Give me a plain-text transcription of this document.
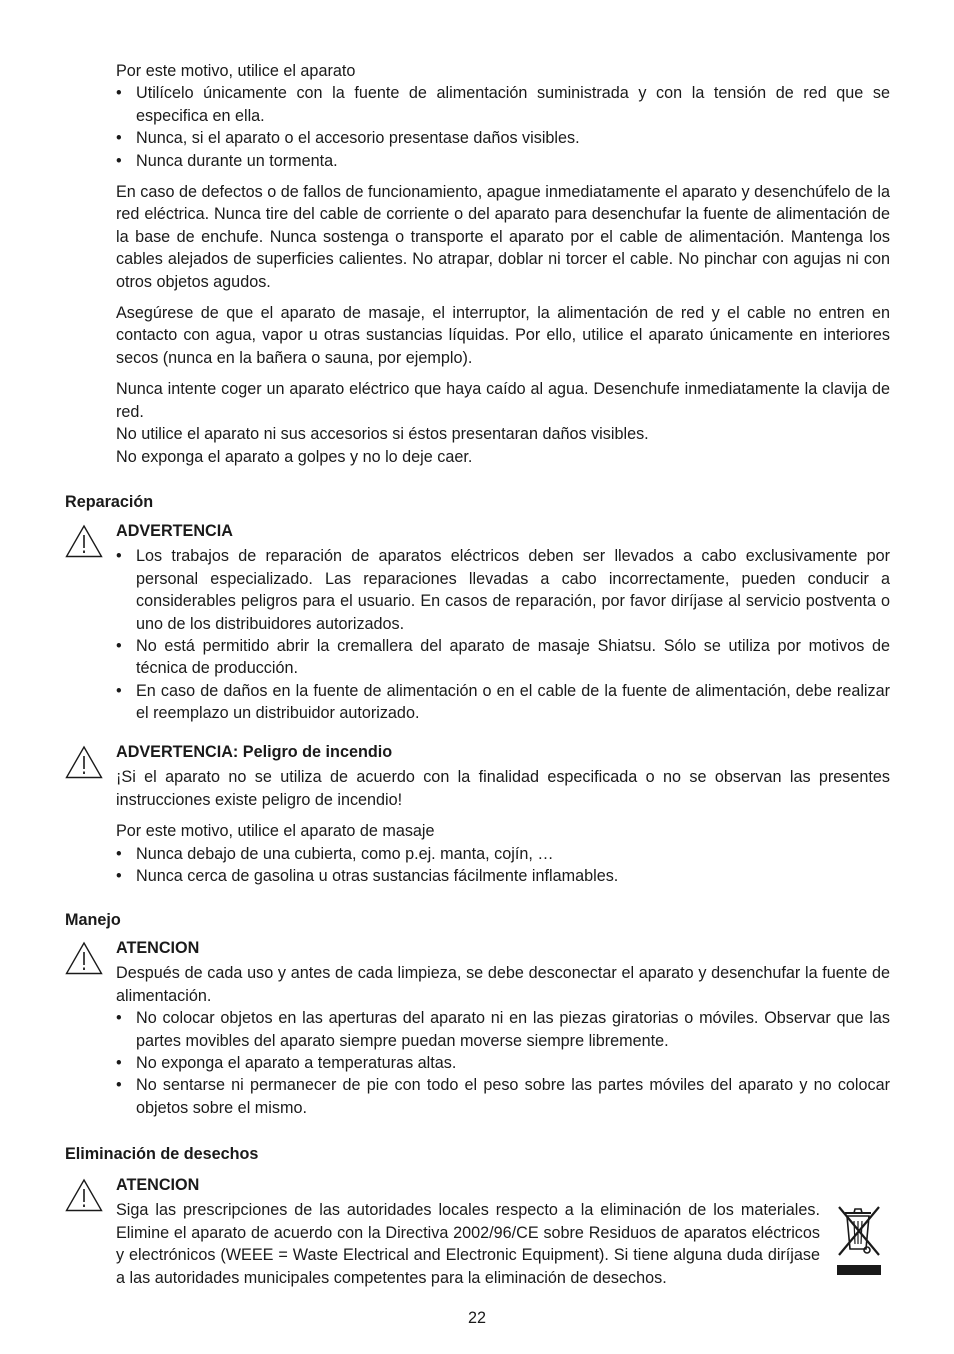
Por este motivo, utilice el aparato

• Utilícelo únicamente con la fuente de alimentación suministrada y con la tensión de red que se especifica en ella.
• Nunca, si el aparato o el accesorio presentase daños visibles.
• Nunca durante un tormenta.

En caso de defectos o de fallos de funcionamiento, apague inmediatamente el aparato y desenchúfelo de la red eléctrica. Nunca tire del cable de corriente o del aparato para desenchufar la fuente de alimentación de la base de enchufe. Nunca sostenga o transporte el aparato por el cable de alimentación. Mantenga los cables alejados de superficies calientes. No atrapar, doblar ni torcer el cable. No pinchar con agujas ni con otros objetos agudos.

Asegúrese de que el aparato de masaje, el interruptor, la alimentación de red y el cable no entren en contacto con agua, vapor u otras sustancias líquidas. Por ello, utilice el aparato únicamente en interiores secos (nunca en la bañera o sauna, por ejemplo).

Nunca intente coger un aparato eléctrico que haya caído al agua. Desenchufe inmediatamente la clavija de red.

No utilice el aparato ni sus accesorios si éstos presentaran daños visibles.

No exponga el aparato a golpes y no lo deje caer.

Reparación

ADVERTENCIA

• Los trabajos de reparación de aparatos eléctricos deben ser llevados a cabo exclusivamente por personal especializado. Las reparaciones llevadas a cabo incorrectamente, pueden conducir a considerables peligros para el usuario. En casos de reparación, por favor diríjase al servicio postventa o uno de los distribuidores autorizados.
• No está permitido abrir la cremallera del aparato de masaje Shiatsu. Sólo se utiliza por motivos de técnica de producción.
• En caso de daños en la fuente de alimentación o en el cable de la fuente de alimentación, debe realizar el reemplazo un distribuidor autorizado.

ADVERTENCIA: Peligro de incendio

¡Si el aparato no se utiliza de acuerdo con la finalidad especificada o no se observan las presentes instrucciones existe peligro de incendio!

Por este motivo, utilice el aparato de masaje

• Nunca debajo de una cubierta, como p.ej. manta, cojín, …
• Nunca cerca de gasolina u otras sustancias fácilmente inflamables.

Manejo

ATENCION

Después de cada uso y antes de cada limpieza, se debe desconectar el aparato y desenchufar la fuente de alimentación.

• No colocar objetos en las aperturas del aparato ni en las piezas giratorias o móviles. Observar que las partes movibles del aparato siempre puedan moverse siempre libremente.
• No exponga el aparato a temperaturas altas.
• No sentarse ni permanecer de pie con todo el peso sobre las partes móviles del aparato y no colocar objetos sobre el mismo.

Eliminación de desechos

ATENCION

Siga las prescripciones de las autoridades locales respecto a la eliminación de los materiales. Elimine el aparato de acuerdo con la Directiva 2002/96/CE sobre Residuos de aparatos eléctricos y electrónicos (WEEE = Waste Electrical and Electronic Equipment). Si tiene alguna duda diríjase a las autoridades municipales competentes para la eliminación de desechos.

22
